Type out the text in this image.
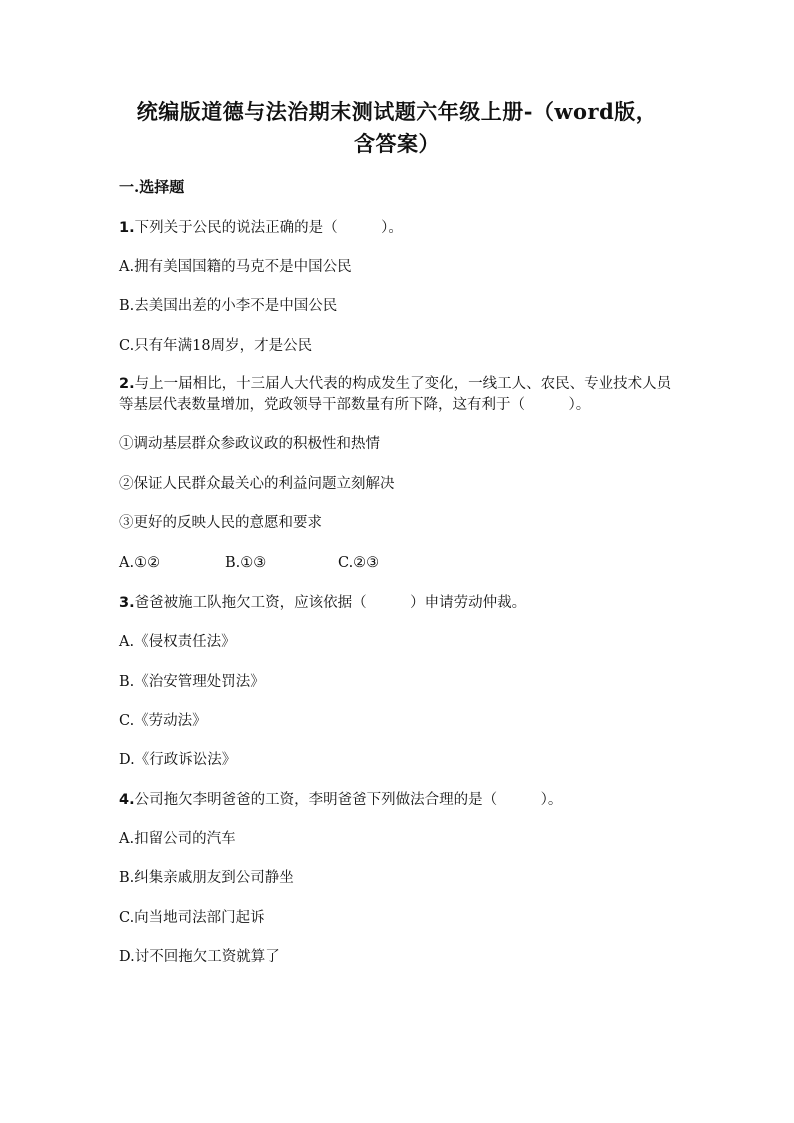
统编版道德与法治期末测试题六年级上册-（word版，
含答案）
一.选择题
1.下列关于公民的说法正确的是（　　　）。
A.拥有美国国籍的马克不是中国公民
B.去美国出差的小李不是中国公民
C.只有年满18周岁，才是公民
2.与上一届相比，十三届人大代表的构成发生了变化，一线工人、农民、专业技术人员等基层代表数量增加，党政领导干部数量有所下降，这有利于（　　　）。
①调动基层群众参政议政的积极性和热情
②保证人民群众最关心的利益问题立刻解决
③更好的反映人民的意愿和要求
A.①②	B.①③	C.②③
3.爸爸被施工队拖欠工资，应该依据（　　　）申请劳动仲裁。
A.《侵权责任法》
B.《治安管理处罚法》
C.《劳动法》
D.《行政诉讼法》
4.公司拖欠李明爸爸的工资，李明爸爸下列做法合理的是（　　　）。
A.扣留公司的汽车
B.纠集亲戚朋友到公司静坐
C.向当地司法部门起诉
D.讨不回拖欠工资就算了
